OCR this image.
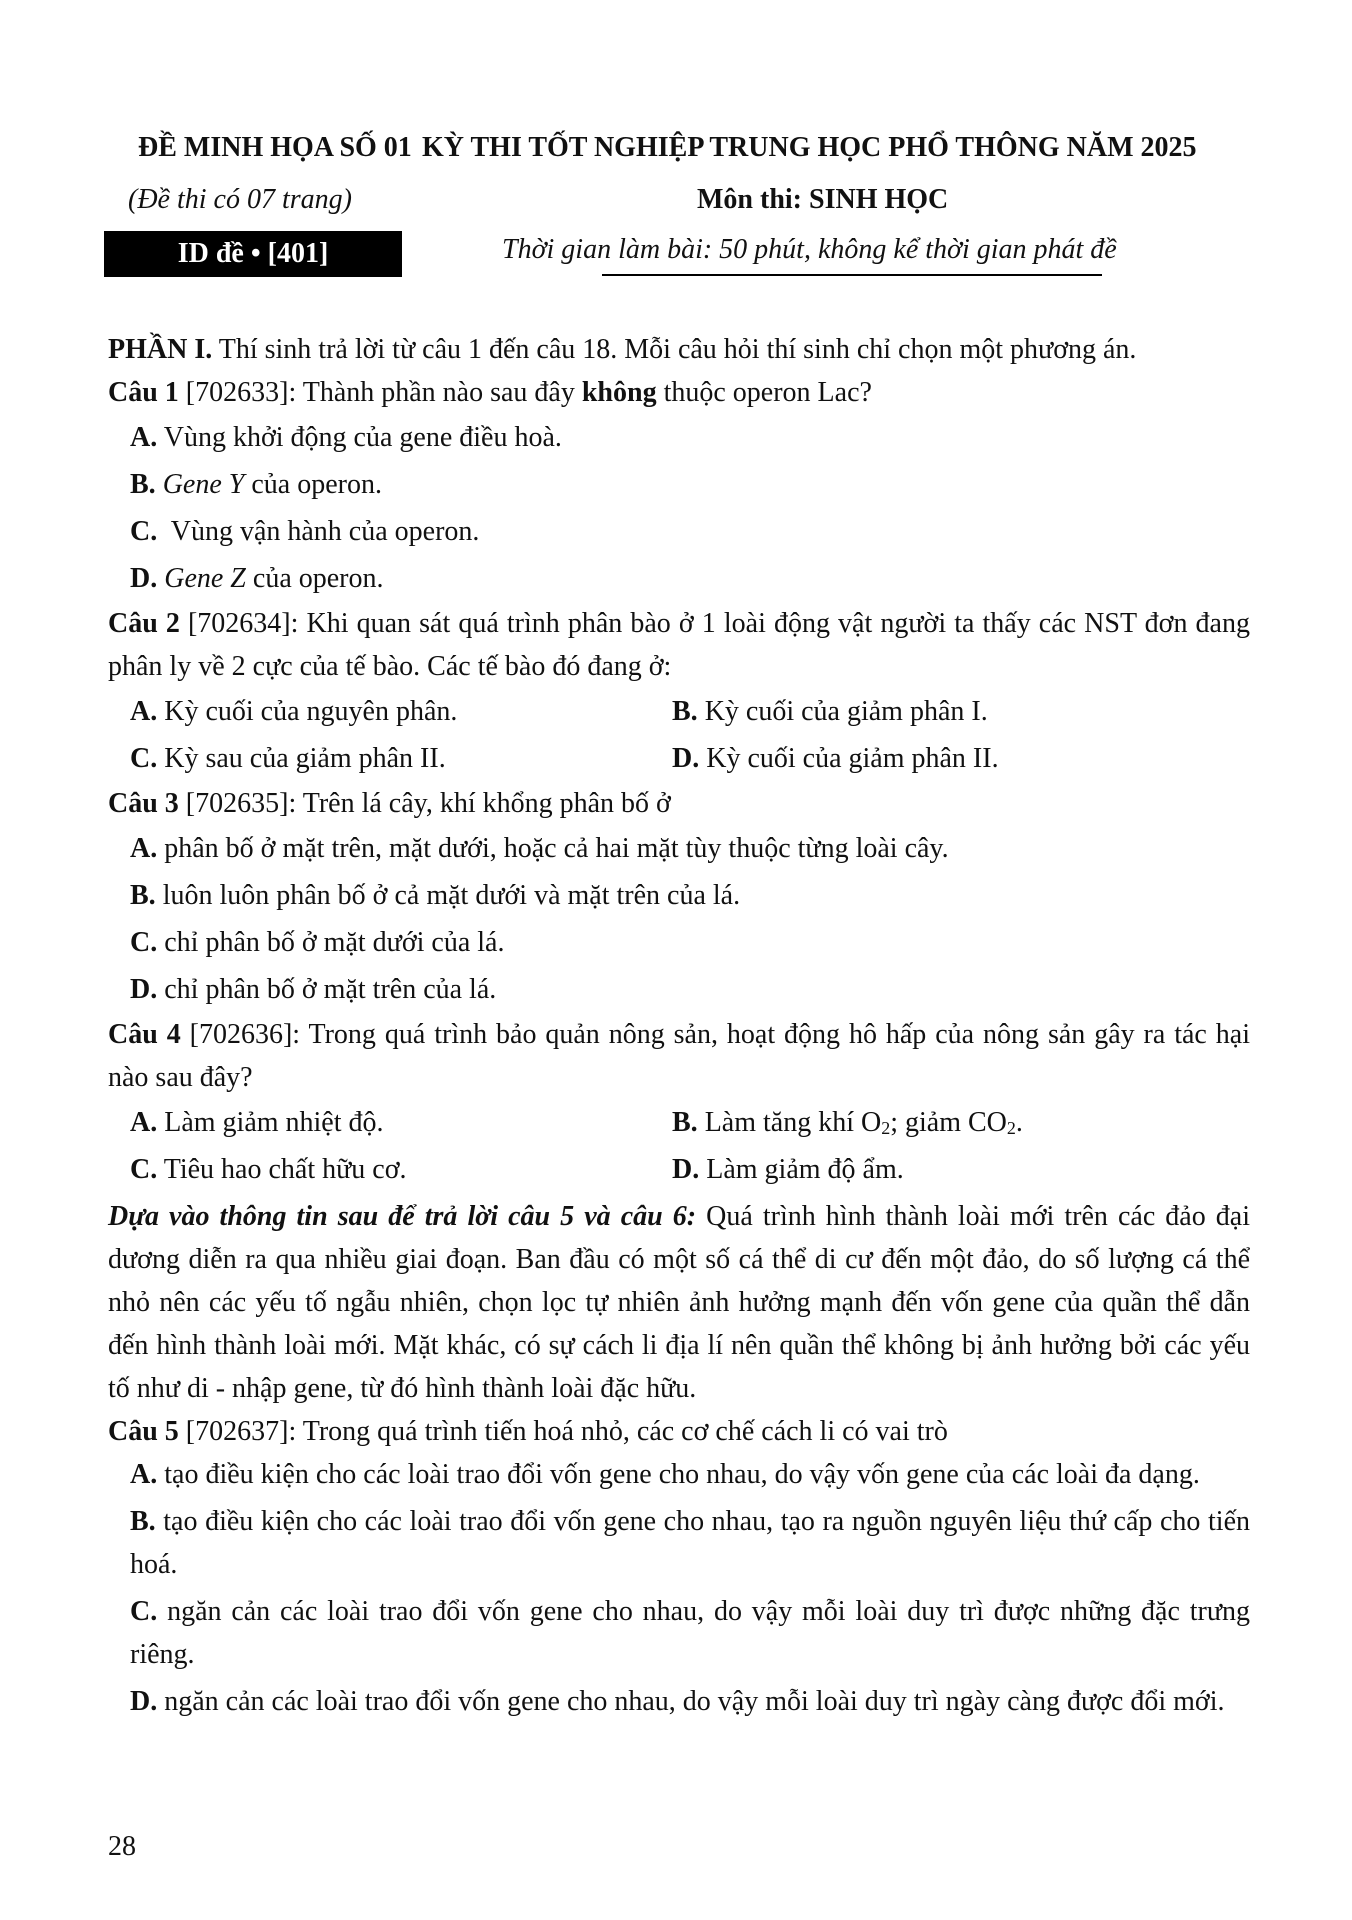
ĐỀ MINH HỌA SỐ 01 KỲ THI TỐT NGHIỆP TRUNG HỌC PHỔ THÔNG NĂM 2025
(Đề thi có 07 trang)	Môn thi: SINH HỌC
ID đề • [401]	Thời gian làm bài: 50 phút, không kể thời gian phát đề

PHẦN I. Thí sinh trả lời từ câu 1 đến câu 18. Mỗi câu hỏi thí sinh chỉ chọn một phương án.

Câu 1 [702633]: Thành phần nào sau đây không thuộc operon Lac?

A. Vùng khởi động của gene điều hoà.
B. Gene Y của operon.
C.  Vùng vận hành của operon.
D. Gene Z của operon.

Câu 2 [702634]: Khi quan sát quá trình phân bào ở 1 loài động vật người ta thấy các NST đơn đang phân ly về 2 cực của tế bào. Các tế bào đó đang ở:

A. Kỳ cuối của nguyên phân.	B. Kỳ cuối của giảm phân I.
C. Kỳ sau của giảm phân II.	D. Kỳ cuối của giảm phân II.

Câu 3 [702635]: Trên lá cây, khí khổng phân bố ở

A. phân bố ở mặt trên, mặt dưới, hoặc cả hai mặt tùy thuộc từng loài cây.
B. luôn luôn phân bố ở cả mặt dưới và mặt trên của lá.
C. chỉ phân bố ở mặt dưới của lá.
D. chỉ phân bố ở mặt trên của lá.

Câu 4 [702636]: Trong quá trình bảo quản nông sản, hoạt động hô hấp của nông sản gây ra tác hại nào sau đây?

A. Làm giảm nhiệt độ.	B. Làm tăng khí $O_2$; giảm $CO_2$.
C. Tiêu hao chất hữu cơ.	D. Làm giảm độ ẩm.

Dựa vào thông tin sau để trả lời câu 5 và câu 6: Quá trình hình thành loài mới trên các đảo đại dương diễn ra qua nhiều giai đoạn. Ban đầu có một số cá thể di cư đến một đảo, do số lượng cá thể nhỏ nên các yếu tố ngẫu nhiên, chọn lọc tự nhiên ảnh hưởng mạnh đến vốn gene của quần thể dẫn đến hình thành loài mới. Mặt khác, có sự cách li địa lí nên quần thể không bị ảnh hưởng bởi các yếu tố như di - nhập gene, từ đó hình thành loài đặc hữu.

Câu 5 [702637]: Trong quá trình tiến hoá nhỏ, các cơ chế cách li có vai trò

A. tạo điều kiện cho các loài trao đổi vốn gene cho nhau, do vậy vốn gene của các loài đa dạng.
B. tạo điều kiện cho các loài trao đổi vốn gene cho nhau, tạo ra nguồn nguyên liệu thứ cấp cho tiến hoá.
C. ngăn cản các loài trao đổi vốn gene cho nhau, do vậy mỗi loài duy trì được những đặc trưng riêng.
D. ngăn cản các loài trao đổi vốn gene cho nhau, do vậy mỗi loài duy trì ngày càng được đổi mới.
28
